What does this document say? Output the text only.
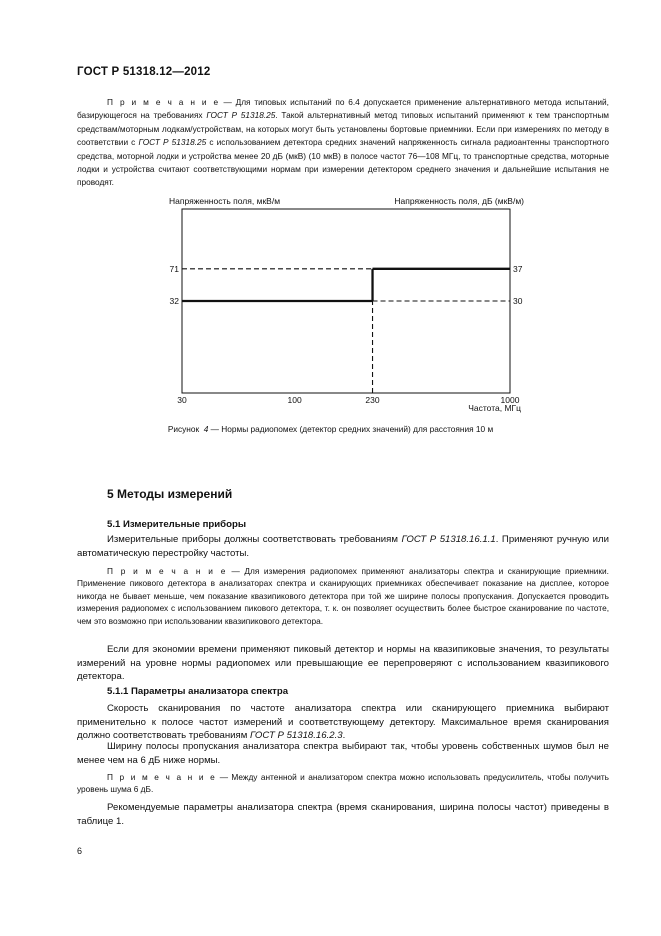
ГОСТ Р 51318.12—2012

П р и м е ч а н и е — Для типовых испытаний по 6.4 допускается применение альтернативного метода испытаний, базирующегося на требованиях ГОСТ Р 51318.25. Такой альтернативный метод типовых испытаний применяют к тем транспортным средствам/моторным лодкам/устройствам, на которых могут быть установлены бортовые приемники. Если при измерениях по методу в соответствии с ГОСТ Р 51318.25 с использованием детектора средних значений напряженность сигнала радиоантенны транспортного средства, моторной лодки и устройства менее 20 дБ (мкВ) (10 мкВ) в полосе частот 76—108 МГц, то транспортные средства, моторные лодки и устройства считают соответствующими нормам при измерении детектором среднего значения и дальнейшие испытания не проводят.

Напряженность поля, мкВ/м	Напряженность поля, дБ (мкВ/м)
30	100	230	1000
71	37
32	30
Частота, МГц
Рисунок 4 — Нормы радиопомех (детектор средних значений) для расстояния 10 м
5 Методы измерений
5.1 Измерительные приборы

Измерительные приборы должны соответствовать требованиям ГОСТ Р 51318.16.1.1. Применяют ручную или автоматическую перестройку частоты.

П р и м е ч а н и е — Для измерения радиопомех применяют анализаторы спектра и сканирующие приемники. Применение пикового детектора в анализаторах спектра и сканирующих приемниках обеспечивает показание на дисплее, которое никогда не бывает меньше, чем показание квазипикового детектора при той же ширине полосы пропускания. Допускается проводить измерения радиопомех с использованием пикового детектора, т. к. он позволяет осуществить более быстрое сканирование по частоте, чем это возможно при использовании квазипикового детектора.

Если для экономии времени применяют пиковый детектор и нормы на квазипиковые значения, то результаты измерений на уровне нормы радиопомех или превышающие ее перепроверяют с использованием квазипикового детектора.

5.1.1 Параметры анализатора спектра

Скорость сканирования по частоте анализатора спектра или сканирующего приемника выбирают применительно к полосе частот измерений и соответствующему детектору. Максимальное время сканирования должно соответствовать требованиям ГОСТ Р 51318.16.2.3.

Ширину полосы пропускания анализатора спектра выбирают так, чтобы уровень собственных шумов был не менее чем на 6 дБ ниже нормы.

П р и м е ч а н и е — Между антенной и анализатором спектра можно использовать предусилитель, чтобы получить уровень шума 6 дБ.

Рекомендуемые параметры анализатора спектра (время сканирования, ширина полосы частот) приведены в таблице 1.

6
